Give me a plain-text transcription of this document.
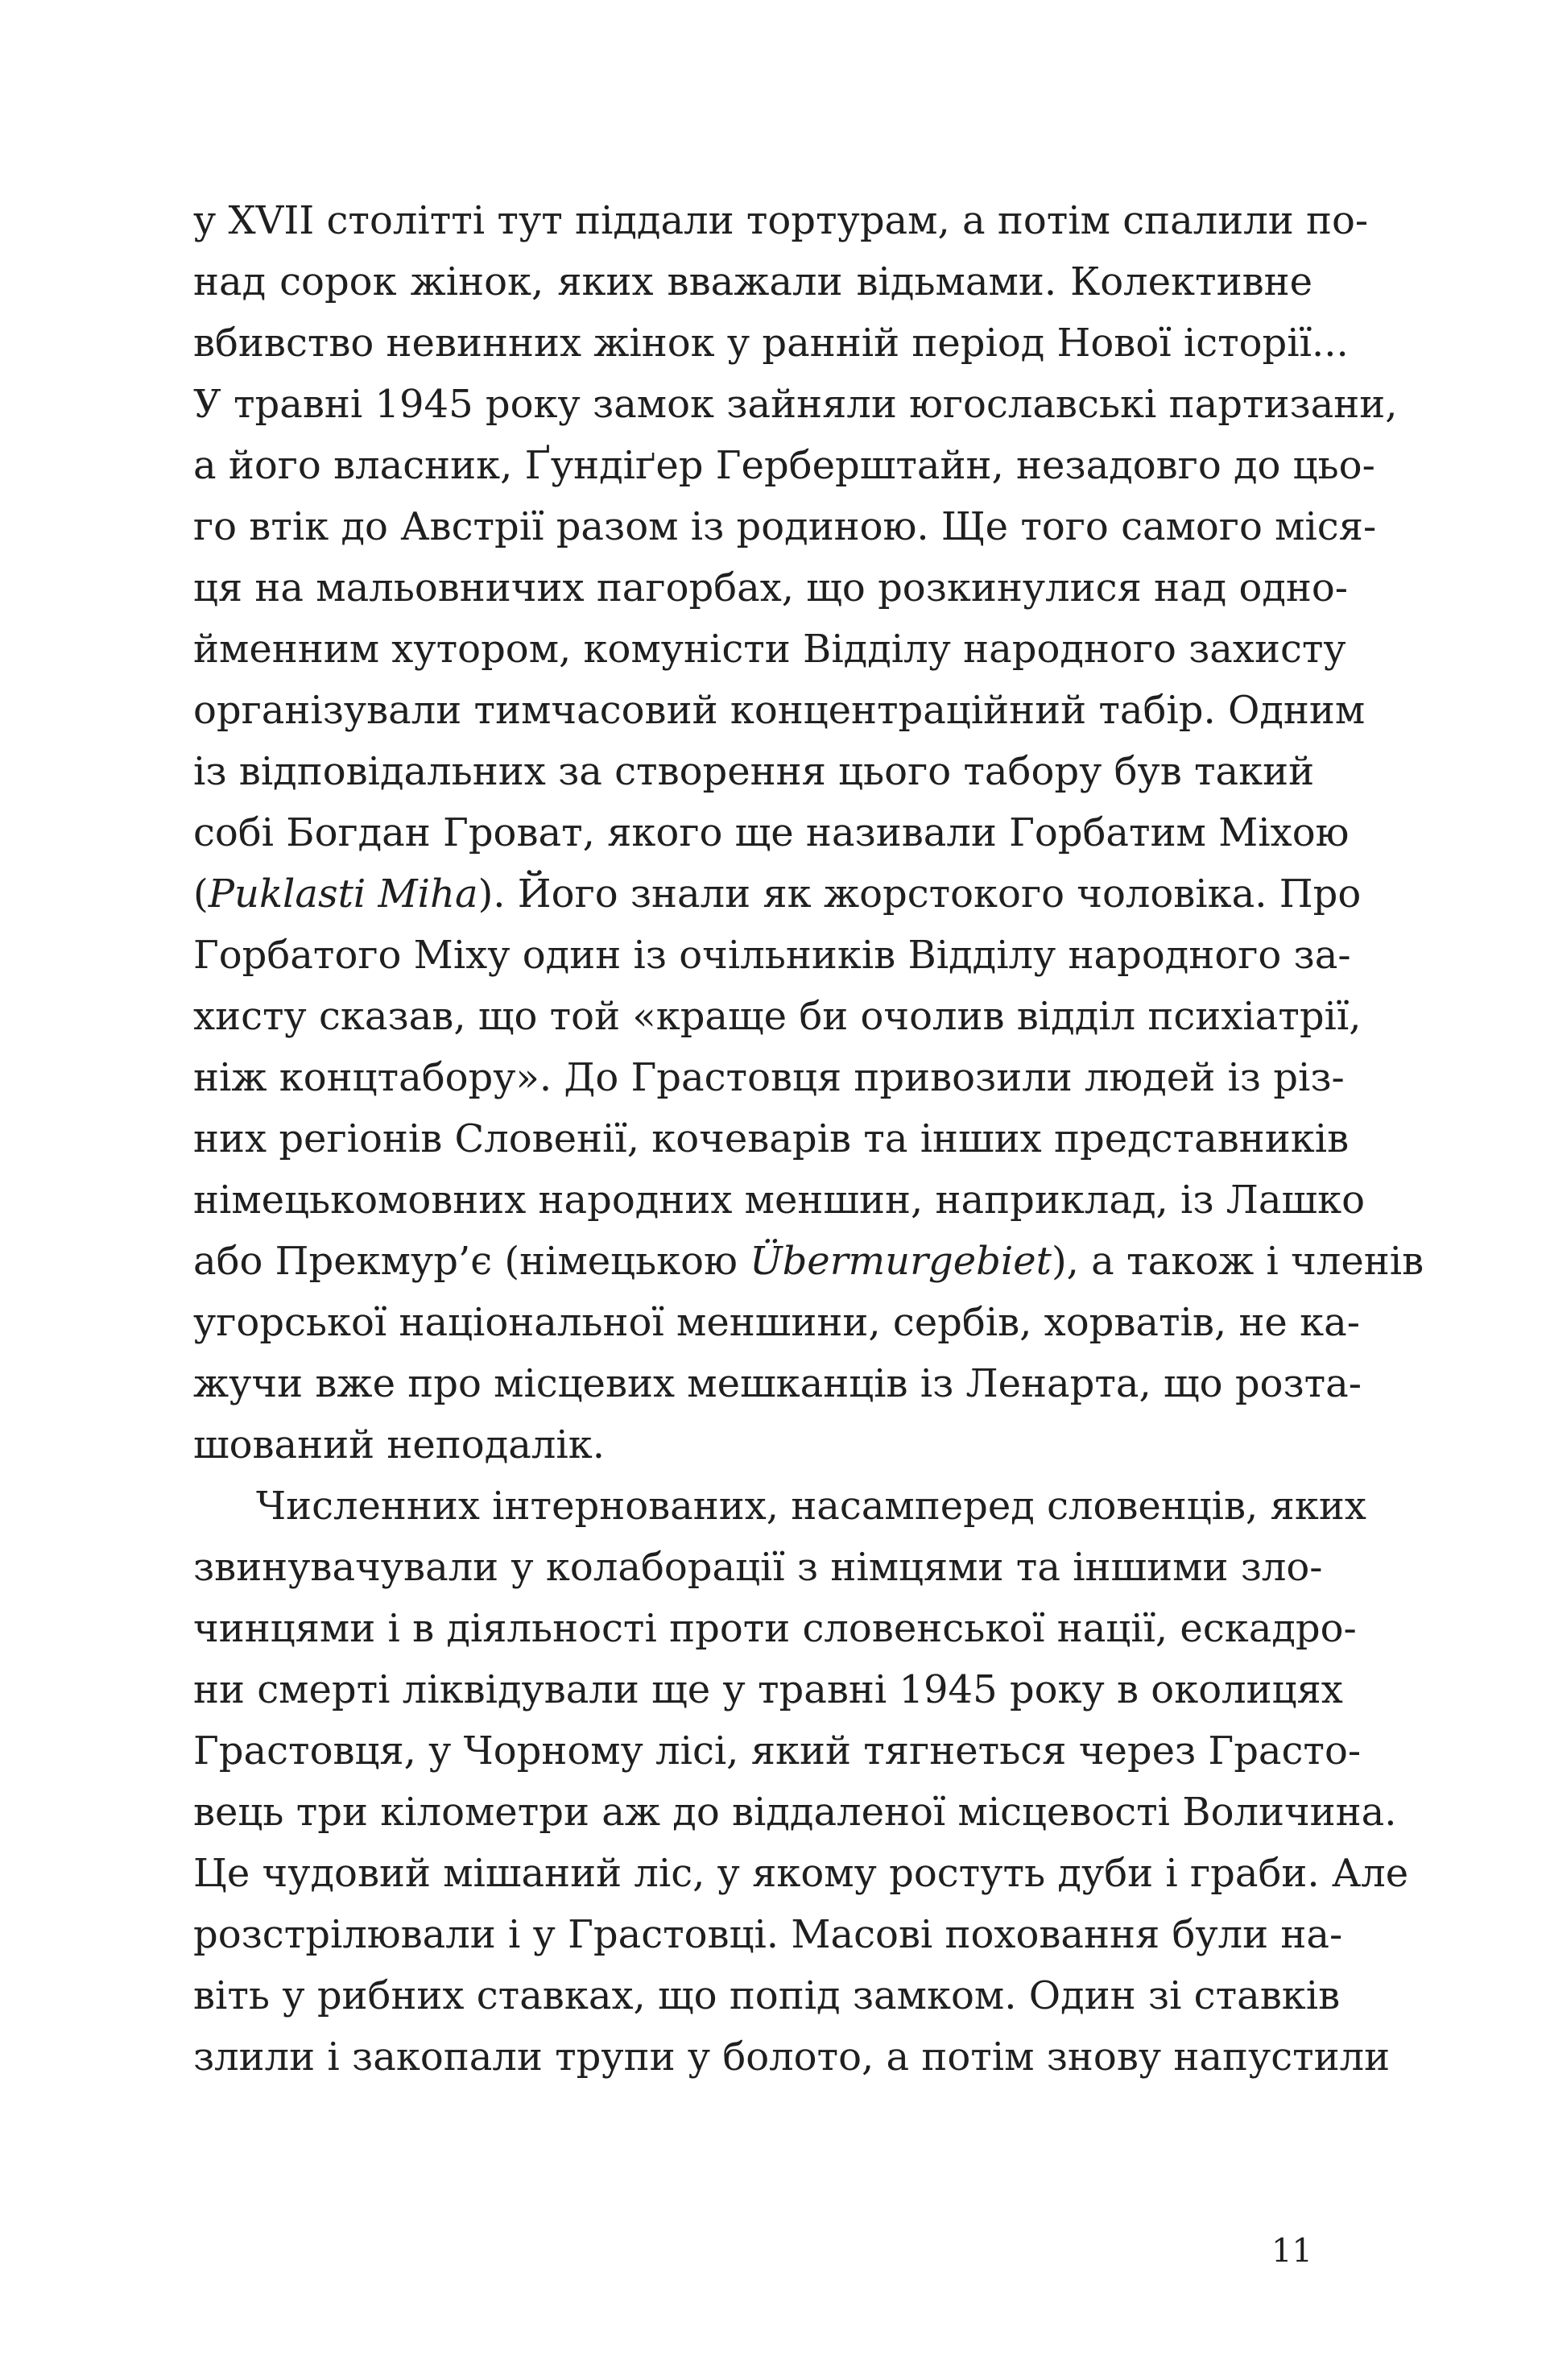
у XVII столітті тут піддали тортурам, а потім спалили по-
над сорок жінок, яких вважали відьмами. Колективне
вбивство невинних жінок у ранній період Нової історії...
У травні 1945 року замок зайняли югославські партизани,
а його власник, Ґундіґер Герберштайн, незадовго до цьо-
го втік до Австрії разом із родиною. Ще того самого міся-
ця на мальовничих пагорбах, що розкинулися над одно-
йменним хутором, комуністи Відділу народного захисту
організували тимчасовий концентраційний табір. Одним
із відповідальних за створення цього табору був такий
собі Богдан Гроват, якого ще називали Горбатим Міхою
(Puklasti Miha). Його знали як жорстокого чоловіка. Про
Горбатого Міху один із очільників Відділу народного за-
хисту сказав, що той «краще би очолив відділ психіатрії,
ніж концтабору». До Грастовця привозили людей із різ-
них регіонів Словенії, кочеварів та інших представників
німецькомовних народних меншин, наприклад, із Лашко
або Прекмур’є (німецькою Übermurgebiet), а також і членів
угорської національної меншини, сербів, хорватів, не ка-
жучи вже про місцевих мешканців із Ленарта, що розта-
шований неподалік.
Численних інтернованих, насамперед словенців, яких
звинувачували у колаборації з німцями та іншими зло-
чинцями і в діяльності проти словенської нації, ескадро-
ни смерті ліквідували ще у травні 1945 року в околицях
Грастовця, у Чорному лісі, який тягнеться через Грасто-
вець три кілометри аж до віддаленої місцевості Воличина.
Це чудовий мішаний ліс, у якому ростуть дуби і граби. Але
розстрілювали і у Грастовці. Масові поховання були на-
віть у рибних ставках, що попід замком. Один зі ставків
злили і закопали трупи у болото, а потім знову напустили
11
